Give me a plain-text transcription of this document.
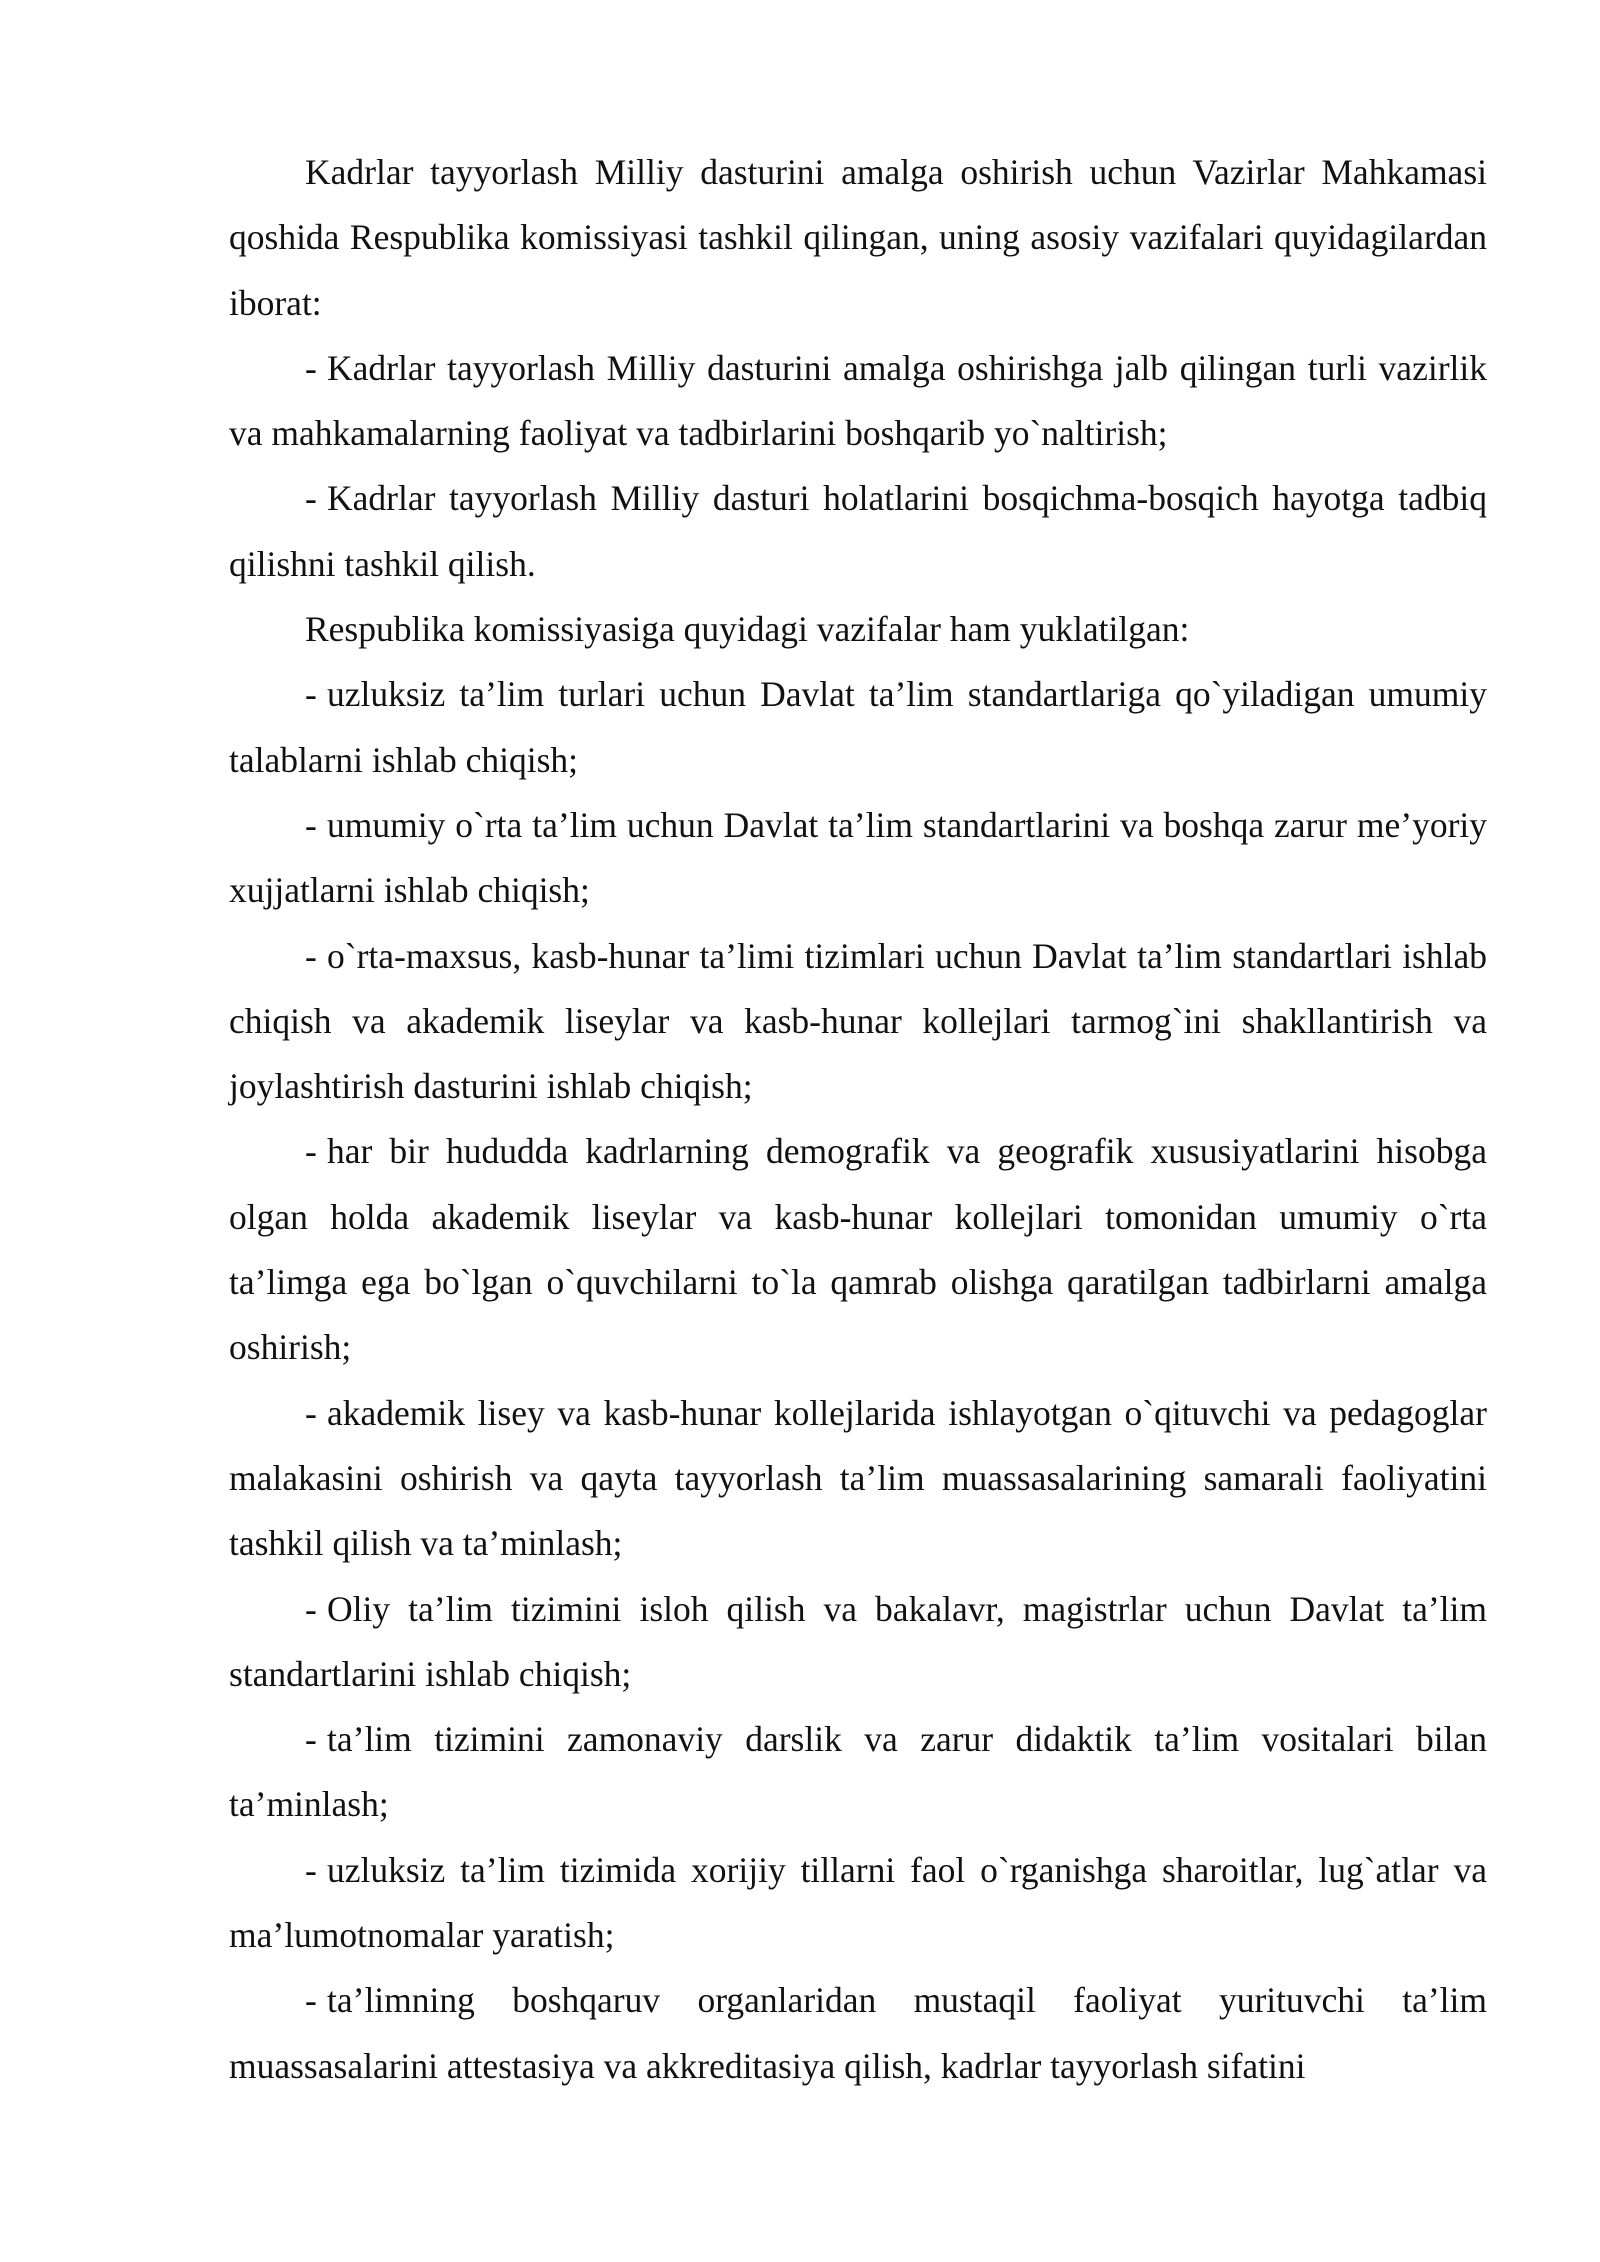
Kadrlar tayyorlash Milliy dasturini amalga oshirish uchun Vazirlar Mahkamasi qoshida Respublika komissiyasi tashkil qilingan, uning asosiy vazifalari quyidagilardan iborat:

- Kadrlar tayyorlash Milliy dasturini amalga oshirishga jalb qilingan turli vazirlik va mahkamalarning faoliyat va tadbirlarini boshqarib yo`naltirish;

- Kadrlar tayyorlash Milliy dasturi holatlarini bosqichma-bosqich hayotga tadbiq qilishni tashkil qilish.

Respublika komissiyasiga quyidagi vazifalar ham yuklatilgan:

- uzluksiz ta’lim turlari uchun Davlat ta’lim standartlariga qo`yiladigan umumiy talablarni ishlab chiqish;

- umumiy o`rta ta’lim uchun Davlat ta’lim standartlarini va boshqa zarur me’yoriy xujjatlarni ishlab chiqish;

- o`rta-maxsus, kasb-hunar ta’limi tizimlari uchun Davlat ta’lim standartlari ishlab chiqish va akademik liseylar va kasb-hunar kollejlari tarmog`ini shakllantirish va joylashtirish dasturini ishlab chiqish;

- har bir hududda kadrlarning demografik va geografik xususiyatlarini hisobga olgan holda akademik liseylar va kasb-hunar kollejlari tomonidan umumiy o`rta ta’limga ega bo`lgan o`quvchilarni to`la qamrab olishga qaratilgan tadbirlarni amalga oshirish;

- akademik lisey va kasb-hunar kollejlarida ishlayotgan o`qituvchi va pedagoglar malakasini oshirish va qayta tayyorlash ta’lim muassasalarining samarali faoliyatini tashkil qilish va ta’minlash;

- Oliy ta’lim tizimini isloh qilish va bakalavr, magistrlar uchun Davlat ta’lim standartlarini ishlab chiqish;

- ta’lim tizimini zamonaviy darslik va zarur didaktik ta’lim vositalari bilan ta’minlash;

- uzluksiz ta’lim tizimida xorijiy tillarni faol o`rganishga sharoitlar, lug`atlar va ma’lumotnomalar yaratish;

- ta’limning boshqaruv organlaridan mustaqil faoliyat yurituvchi ta’lim muassasalarini attestasiya va akkreditasiya qilish, kadrlar tayyorlash sifatini
